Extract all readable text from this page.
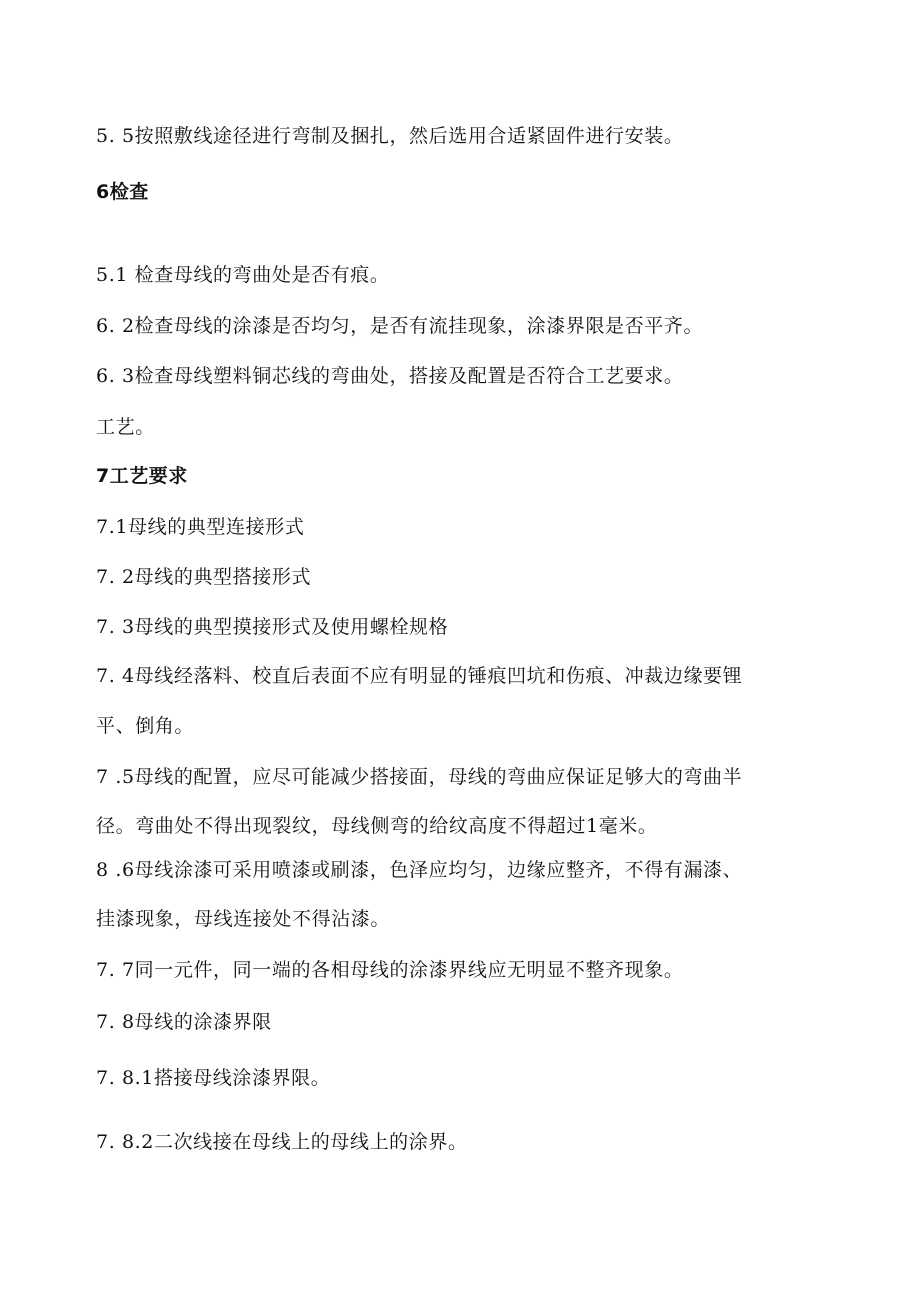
5. 5按照敷线途径进行弯制及捆扎，然后选用合适紧固件进行安装。
6检查
5.1 检查母线的弯曲处是否有痕。
6. 2检查母线的涂漆是否均匀，是否有流挂现象，涂漆界限是否平齐。
6. 3检查母线塑料铜芯线的弯曲处，搭接及配置是否符合工艺要求。
工艺。
7工艺要求
7.1母线的典型连接形式
7. 2母线的典型搭接形式
7. 3母线的典型摸接形式及使用螺栓规格
7. 4母线经落料、校直后表面不应有明显的锤痕凹坑和伤痕、冲裁边缘要锂
平、倒角。
7 .5母线的配置，应尽可能减少搭接面，母线的弯曲应保证足够大的弯曲半
径。弯曲处不得出现裂纹，母线侧弯的给纹高度不得超过1毫米。
8 .6母线涂漆可采用喷漆或刷漆，色泽应均匀，边缘应整齐，不得有漏漆、
挂漆现象，母线连接处不得沾漆。
7. 7同一元件，同一端的各相母线的涂漆界线应无明显不整齐现象。
7. 8母线的涂漆界限
7. 8.1搭接母线涂漆界限。
7. 8.2二次线接在母线上的母线上的涂界。
